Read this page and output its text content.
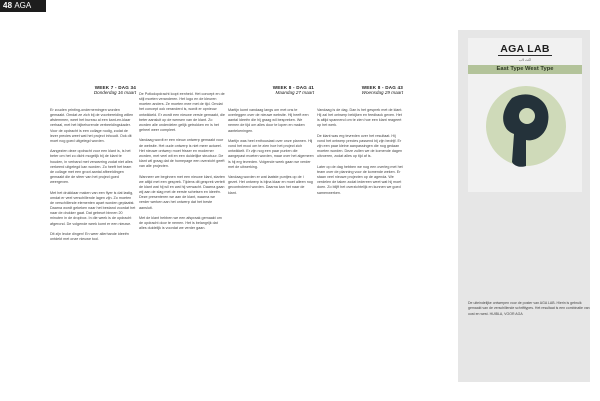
48 AGA
WEEK 7 - DAG 34
Donderdag 16 maart

Er zouden printing-ondernemingen worden gemaakt. Omdat ze zich bij de voorbereiding willen afstemmen, weet het bureau al een kant-en-klaar verhaal, met het bijbehorende verbeeldingskader. Voor de opdracht is een collage nodig, zodat de lezer precies weet wat het project inhoudt. Ook dit moet nog goed uitgelegd worden.

Aangezien deze opdracht voor een klant is, is het beter om het zo dicht mogelijk bij de klant te houden, in verband met verwarring zodat niet alles verkeerd uitgelegd kan worden. Zo heeft het team de collage met een groot aantal afbeeldingen gemaakt die de sfeer van het project goed weergeven.

Met het drukklaar maken van een flyer is dat lastig, omdat er veel verschillende lagen zijn. Zo moeten de verschillende elementen apart worden geplaatst. Daarna wordt gekeken naar het bestand voordat het naar de drukker gaat. Dat gebeurt binnen 20 minuten in de dropbox. In die week is de opdracht afgerond. De volgende week komt er een nieuwe.

Dit zijn leuke dingen! En weer allerhande ideeën ontdekt met onze nieuwe tool.

De Potlodopdracht loopt eenheid. Het concept en de stijl moeten veranderen. Het logo en de kleuren moeten anders. Ze moeten mee met de tijd. Omdat het concept ook veranderd is, wordt er opnieuw ontwikkeld. Er wordt een nieuwe versie gemaakt, die beter aansluit op de wensen van de klant. Zo worden alle onderdelen gelijk getrokken en is het geheel weer compleet.

Vandaag wordt er een nieuw ontwerp gemaakt voor de website. Het oude ontwerp is niet meer actueel. Het nieuwe ontwerp moet frisser en moderner worden, met veel wit en een duidelijke structuur. De klant wil graag dat de homepage een overzicht geeft van alle projecten.

Wanneer we beginnen met een nieuwe klant, starten we altijd met een gesprek. Tijdens dit gesprek vertelt de klant wat hij wil en wat hij verwacht. Daarna gaan wij aan de slag met de eerste schetsen en ideeën. Deze presenteren we aan de klant, waarna we verder werken aan het ontwerp dat het beste aansluit.

Met de klant hebben we een afspraak gemaakt om de opdracht door te nemen. Het is belangrijk dat alles duidelijk is voordat we verder gaan.

WEEK 8 - DAG 41
Maandag 27 maart

Martijn komt vandaag langs om met ons te overleggen over de nieuwe website. Hij heeft een aantal ideeën die hij graag wil bespreken. We nemen de tijd om alles door te lopen en maken aantekeningen.

Martijn was heel enthousiast over onze plannen. Hij vond het mooi om te zien hoe het project zich ontwikkelt. Er zijn nog een paar punten die aangepast moeten worden, maar over het algemeen is hij erg tevreden. Volgende week gaan we verder met de uitwerking.

Vandaag worden er wat laatste puntjes op de i gezet. Het ontwerp is bijna klaar en moet alleen nog gecontroleerd worden. Daarna kan het naar de klant.

WEEK 8 - DAG 43
Woensdag 29 maart

Vandaag is de dag. Dan is het gesprek met de klant. Hij zal het ontwerp bekijken en feedback geven. Het is altijd spannend om te zien hoe een klant reageert op het werk.

De klant was erg tevreden over het resultaat. Hij vond het ontwerp precies passend bij zijn bedrijf. Er zijn een paar kleine aanpassingen die nog gedaan moeten worden. Deze zullen we de komende dagen uitvoeren, zodat alles op tijd af is.

Later op de dag hebben we nog een overleg met het team over de planning voor de komende weken. Er staan veel nieuwe projecten op de agenda. We verdelen de taken zodat iedereen weet wat hij moet doen. Zo blijft het overzichtelijk en kunnen we goed samenwerken.

AGA LAB
اكت لاب
East Type West Type
De uiteindelijke ontwerpen voor de poster van AGA LAB. Hierin is gebruik gemaakt van de verschillende schrifttypes. Het resultaat is een combinatie van oost en west. HUIBLA, VOOR AGA
